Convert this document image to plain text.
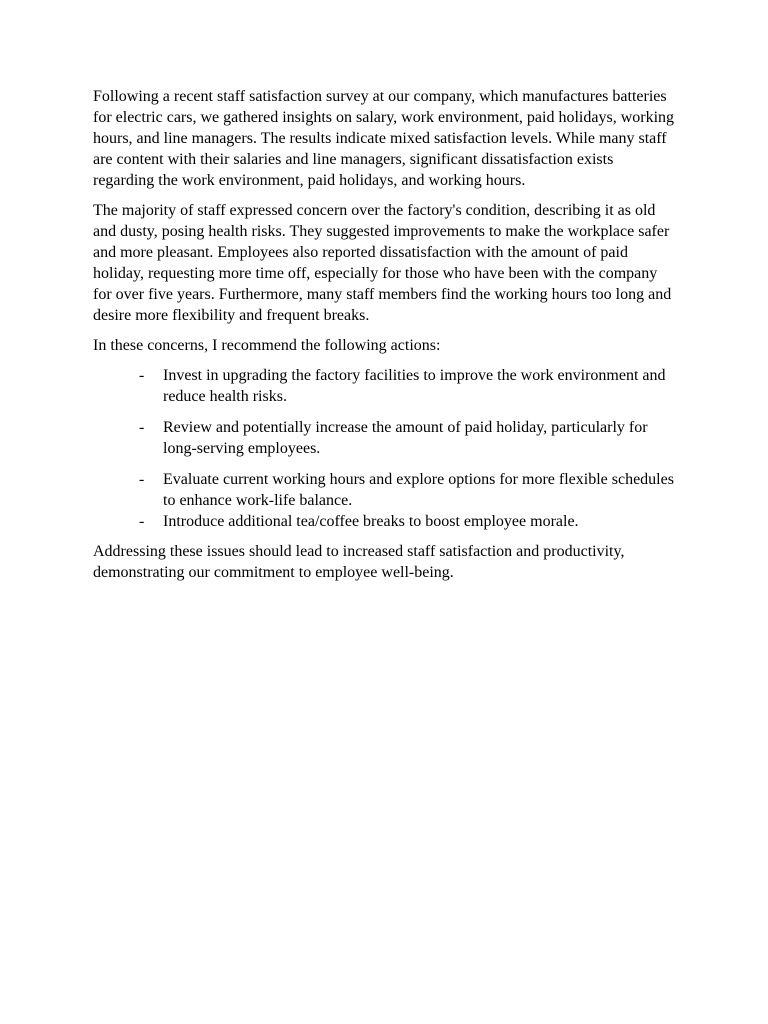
Following a recent staff satisfaction survey at our company, which manufactures batteries for electric cars, we gathered insights on salary, work environment, paid holidays, working hours, and line managers. The results indicate mixed satisfaction levels. While many staff are content with their salaries and line managers, significant dissatisfaction exists regarding the work environment, paid holidays, and working hours.

The majority of staff expressed concern over the factory's condition, describing it as old and dusty, posing health risks. They suggested improvements to make the workplace safer and more pleasant. Employees also reported dissatisfaction with the amount of paid holiday, requesting more time off, especially for those who have been with the company for over five years. Furthermore, many staff members find the working hours too long and desire more flexibility and frequent breaks.

In these concerns, I recommend the following actions:

- Invest in upgrading the factory facilities to improve the work environment and reduce health risks.
- Review and potentially increase the amount of paid holiday, particularly for long-serving employees.
- Evaluate current working hours and explore options for more flexible schedules to enhance work-life balance.
- Introduce additional tea/coffee breaks to boost employee morale.

Addressing these issues should lead to increased staff satisfaction and productivity, demonstrating our commitment to employee well-being.
